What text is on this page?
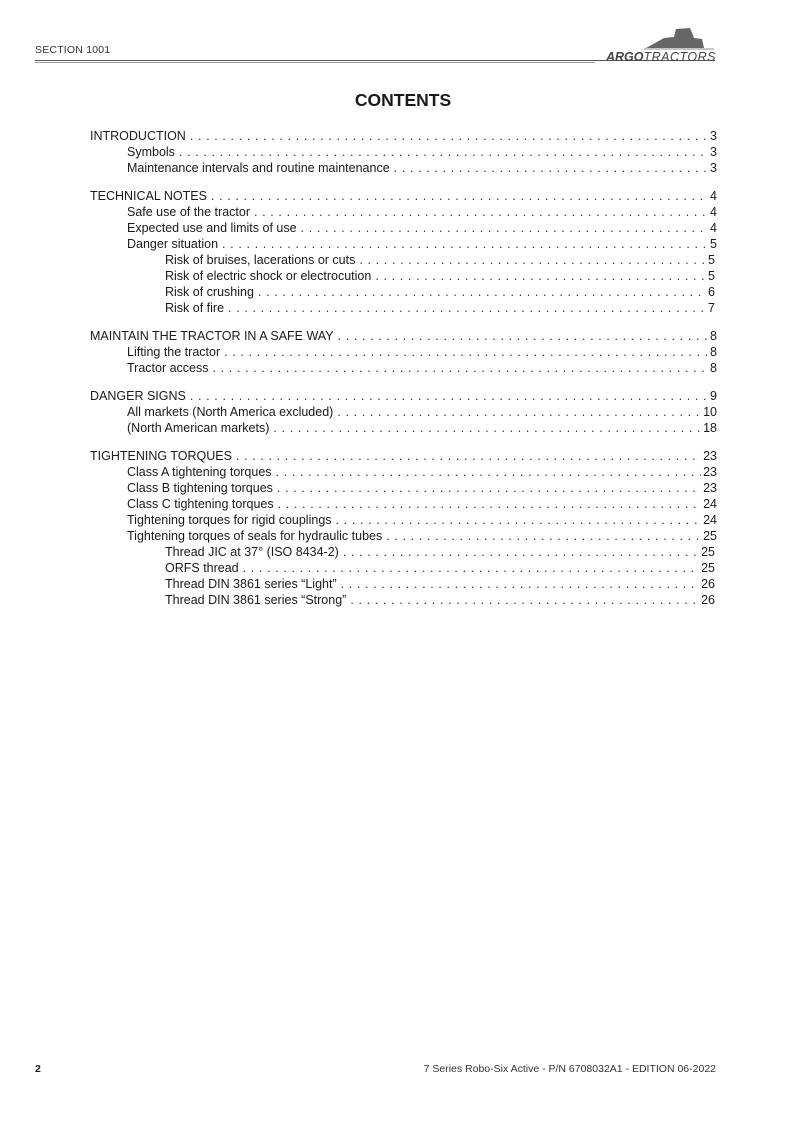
SECTION 1001	ARGOTRACTORS
CONTENTS
INTRODUCTION . . .	3
Symbols . . .	3
Maintenance intervals and routine maintenance . . .	3
TECHNICAL NOTES . . .	4
Safe use of the tractor . . .	4
Expected use and limits of use . . .	4
Danger situation . . .	5
Risk of bruises, lacerations or cuts . . .	5
Risk of electric shock or electrocution . . .	5
Risk of crushing . . .	6
Risk of fire . . .	7
MAINTAIN THE TRACTOR IN A SAFE WAY . . .	8
Lifting the tractor . . .	8
Tractor access . . .	8
DANGER SIGNS . . .	9
All markets (North America excluded) . . .	10
(North American markets) . . .	18
TIGHTENING TORQUES . . .	23
Class A tightening torques . . .	23
Class B tightening torques . . .	23
Class C tightening torques . . .	24
Tightening torques for rigid couplings . . .	24
Tightening torques of seals for hydraulic tubes . . .	25
Thread JIC at 37° (ISO 8434-2) . . .	25
ORFS thread . . .	25
Thread DIN 3861 series “Light” . . .	26
Thread DIN 3861 series “Strong” . . .	26
2	7 Series Robo-Six Active - P/N 6708032A1 - EDITION 06-2022
